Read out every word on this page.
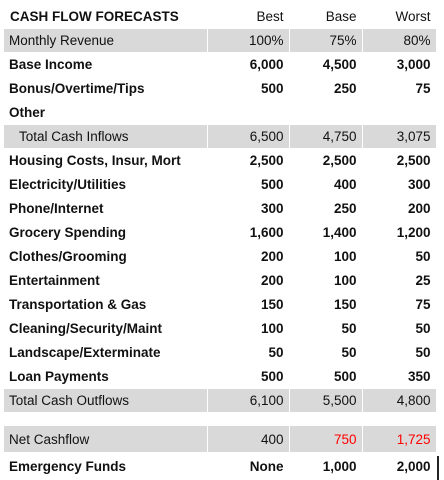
CASH FLOW FORECASTS	Best	Base	Worst
Monthly Revenue	100%	75%	80%
Base Income	6,000	4,500	3,000
Bonus/Overtime/Tips	500	250	75
Other			
Total Cash Inflows	6,500	4,750	3,075
Housing Costs, Insur, Mort	2,500	2,500	2,500
Electricity/Utilities	500	400	300
Phone/Internet	300	250	200
Grocery Spending	1,600	1,400	1,200
Clothes/Grooming	200	100	50
Entertainment	200	100	25
Transportation & Gas	150	150	75
Cleaning/Security/Maint	100	50	50
Landscape/Exterminate	50	50	50
Loan Payments	500	500	350
Total Cash Outflows	6,100	5,500	4,800

Net Cashflow	400	750	1,725
Emergency Funds	None	1,000	2,000
